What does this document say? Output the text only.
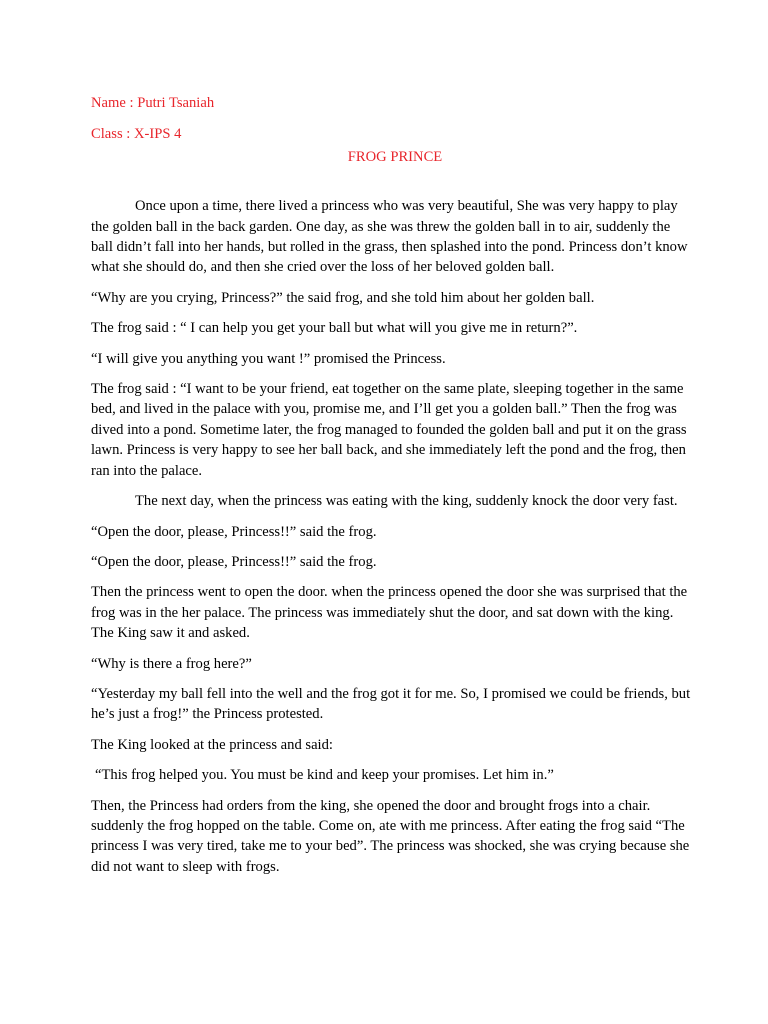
Name : Putri Tsaniah
Class : X-IPS 4
FROG PRINCE

Once upon a time, there lived a princess who was very beautiful, She was very happy to play the golden ball in the back garden. One day, as she was threw the golden ball in to air, suddenly the ball didn’t fall into her hands, but rolled in the grass, then splashed into the pond. Princess don’t know what she should do, and then she cried over the loss of her beloved golden ball.

“Why are you crying, Princess?” the said frog, and she told him about her golden ball.

The frog said : “ I can help you get your ball but what will you give me in return?”.

“I will give you anything you want !” promised the Princess.

The frog said : “I want to be your friend, eat together on the same plate, sleeping together in the same bed, and lived in the palace with you, promise me, and I’ll get you a golden ball.” Then the frog was dived into a pond. Sometime later, the frog managed to founded the golden ball and put it on the grass lawn. Princess is very happy to see her ball back, and she immediately left the pond and the frog, then ran into the palace.

The next day, when the princess was eating with the king, suddenly knock the door very fast.

“Open the door, please, Princess!!” said the frog.

“Open the door, please, Princess!!” said the frog.

Then the princess went to open the door. when the princess opened the door she was surprised that the frog was in the her palace. The princess was immediately shut the door, and sat down with the king. The King saw it and asked.

“Why is there a frog here?”

“Yesterday my ball fell into the well and the frog got it for me. So, I promised we could be friends, but he’s just a frog!” the Princess protested.

The King looked at the princess and said:

“This frog helped you. You must be kind and keep your promises. Let him in.”

Then, the Princess had orders from the king, she opened the door and brought frogs into a chair. suddenly the frog hopped on the table. Come on, ate with me princess. After eating the frog said “The princess I was very tired, take me to your bed”. The princess was shocked, she was crying because she did not want to sleep with frogs.
